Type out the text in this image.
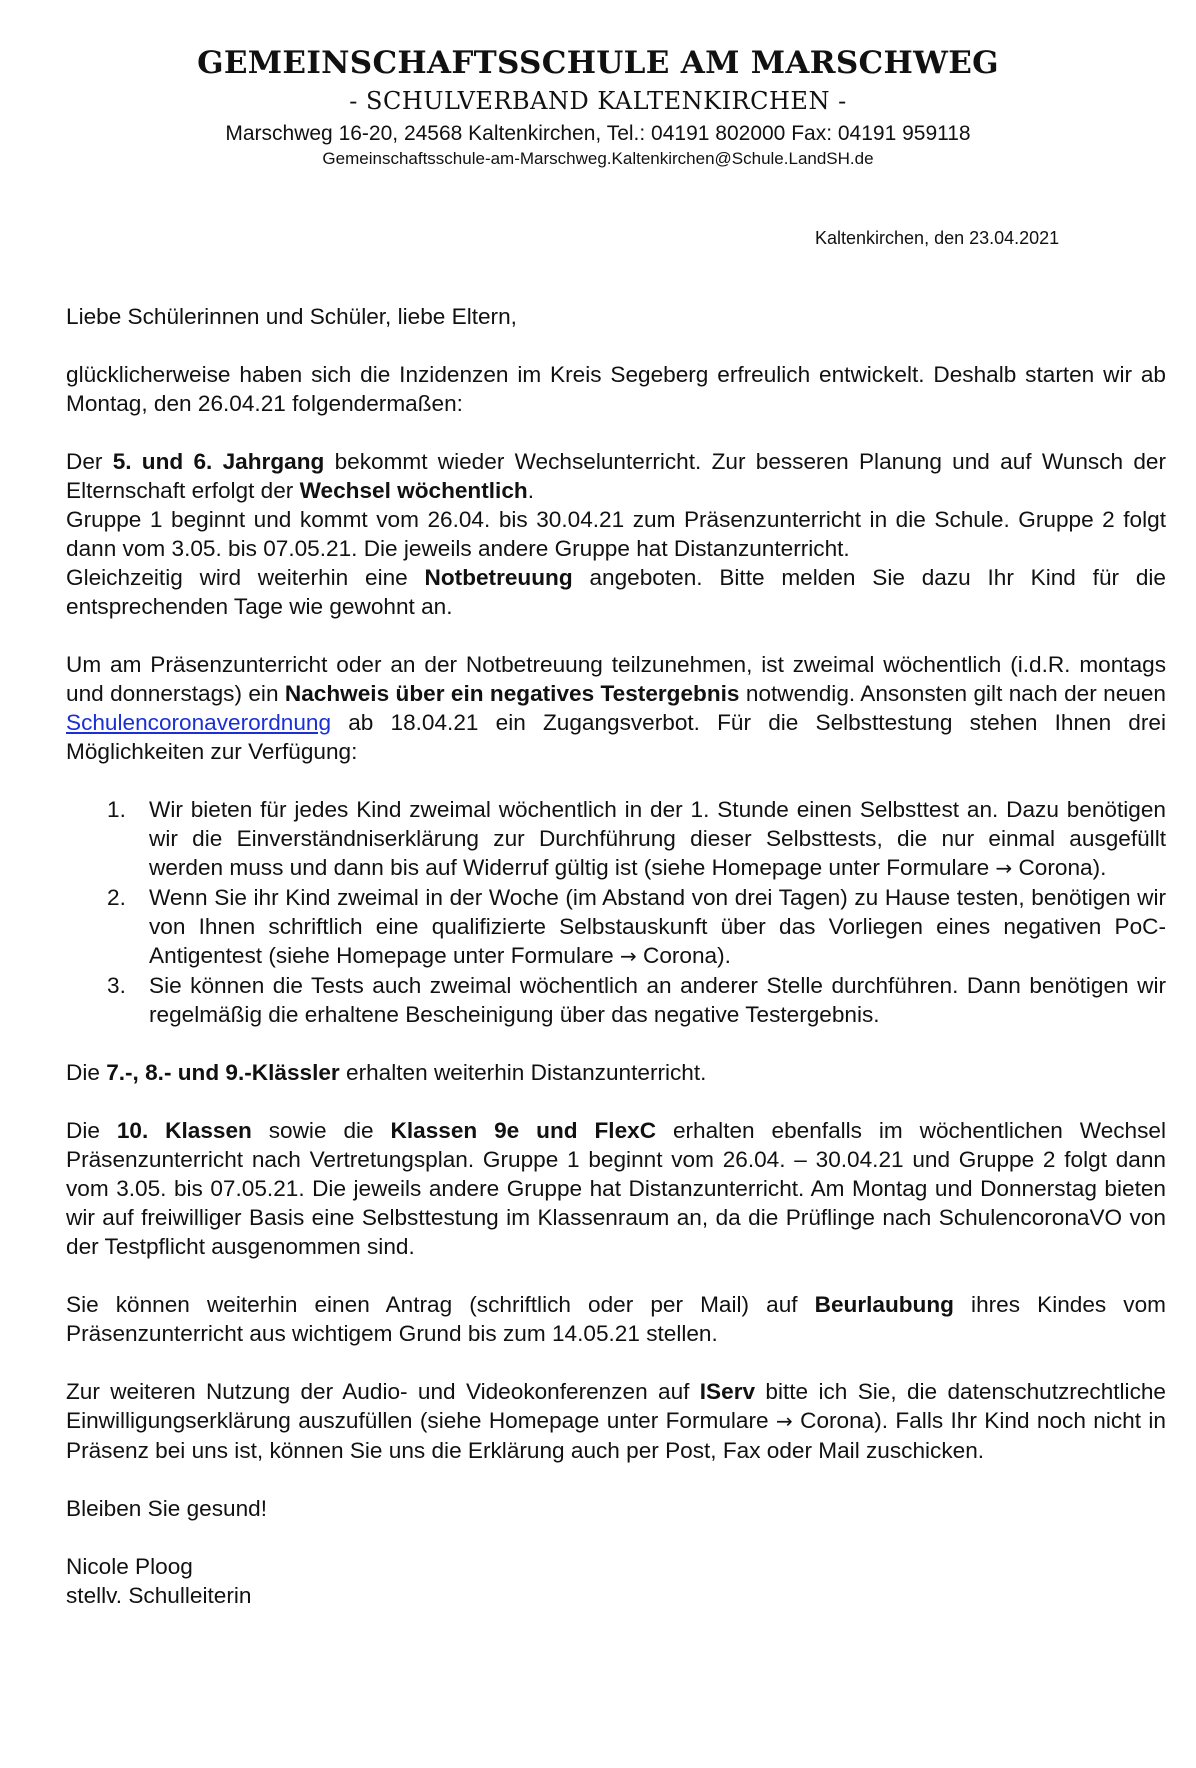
GEMEINSCHAFTSSCHULE AM MARSCHWEG
- SCHULVERBAND KALTENKIRCHEN -
Marschweg 16-20, 24568 Kaltenkirchen, Tel.: 04191 802000 Fax: 04191 959118
Gemeinschaftsschule-am-Marschweg.Kaltenkirchen@Schule.LandSH.de
Kaltenkirchen, den 23.04.2021

Liebe Schülerinnen und Schüler, liebe Eltern,

glücklicherweise haben sich die Inzidenzen im Kreis Segeberg erfreulich entwickelt. Deshalb starten wir ab Montag, den 26.04.21 folgendermaßen:

Der 5. und 6. Jahrgang bekommt wieder Wechselunterricht. Zur besseren Planung und auf Wunsch der Elternschaft erfolgt der Wechsel wöchentlich.
Gruppe 1 beginnt und kommt vom 26.04. bis 30.04.21 zum Präsenzunterricht in die Schule. Gruppe 2 folgt dann vom 3.05. bis 07.05.21. Die jeweils andere Gruppe hat Distanzunterricht.
Gleichzeitig wird weiterhin eine Notbetreuung angeboten. Bitte melden Sie dazu Ihr Kind für die entsprechenden Tage wie gewohnt an.

Um am Präsenzunterricht oder an der Notbetreuung teilzunehmen, ist zweimal wöchentlich (i.d.R. montags und donnerstags) ein Nachweis über ein negatives Testergebnis notwendig. Ansonsten gilt nach der neuen Schulencoronaverordnung ab 18.04.21 ein Zugangsverbot. Für die Selbsttestung stehen Ihnen drei Möglichkeiten zur Verfügung:

1. Wir bieten für jedes Kind zweimal wöchentlich in der 1. Stunde einen Selbsttest an. Dazu benötigen wir die Einverständniserklärung zur Durchführung dieser Selbsttests, die nur einmal ausgefüllt werden muss und dann bis auf Widerruf gültig ist (siehe Homepage unter Formulare → Corona).
2. Wenn Sie ihr Kind zweimal in der Woche (im Abstand von drei Tagen) zu Hause testen, benötigen wir von Ihnen schriftlich eine qualifizierte Selbstauskunft über das Vorliegen eines negativen PoC-Antigentest (siehe Homepage unter Formulare → Corona).
3. Sie können die Tests auch zweimal wöchentlich an anderer Stelle durchführen. Dann benötigen wir regelmäßig die erhaltene Bescheinigung über das negative Testergebnis.

Die 7.-, 8.- und 9.-Klässler erhalten weiterhin Distanzunterricht.

Die 10. Klassen sowie die Klassen 9e und FlexC erhalten ebenfalls im wöchentlichen Wechsel Präsenzunterricht nach Vertretungsplan. Gruppe 1 beginnt vom 26.04. – 30.04.21 und Gruppe 2 folgt dann vom 3.05. bis 07.05.21. Die jeweils andere Gruppe hat Distanzunterricht. Am Montag und Donnerstag bieten wir auf freiwilliger Basis eine Selbsttestung im Klassenraum an, da die Prüflinge nach SchulencoronaVO von der Testpflicht ausgenommen sind.

Sie können weiterhin einen Antrag (schriftlich oder per Mail) auf Beurlaubung ihres Kindes vom Präsenzunterricht aus wichtigem Grund bis zum 14.05.21 stellen.

Zur weiteren Nutzung der Audio- und Videokonferenzen auf IServ bitte ich Sie, die datenschutzrechtliche Einwilligungserklärung auszufüllen (siehe Homepage unter Formulare → Corona). Falls Ihr Kind noch nicht in Präsenz bei uns ist, können Sie uns die Erklärung auch per Post, Fax oder Mail zuschicken.

Bleiben Sie gesund!

Nicole Ploog
stellv. Schulleiterin
